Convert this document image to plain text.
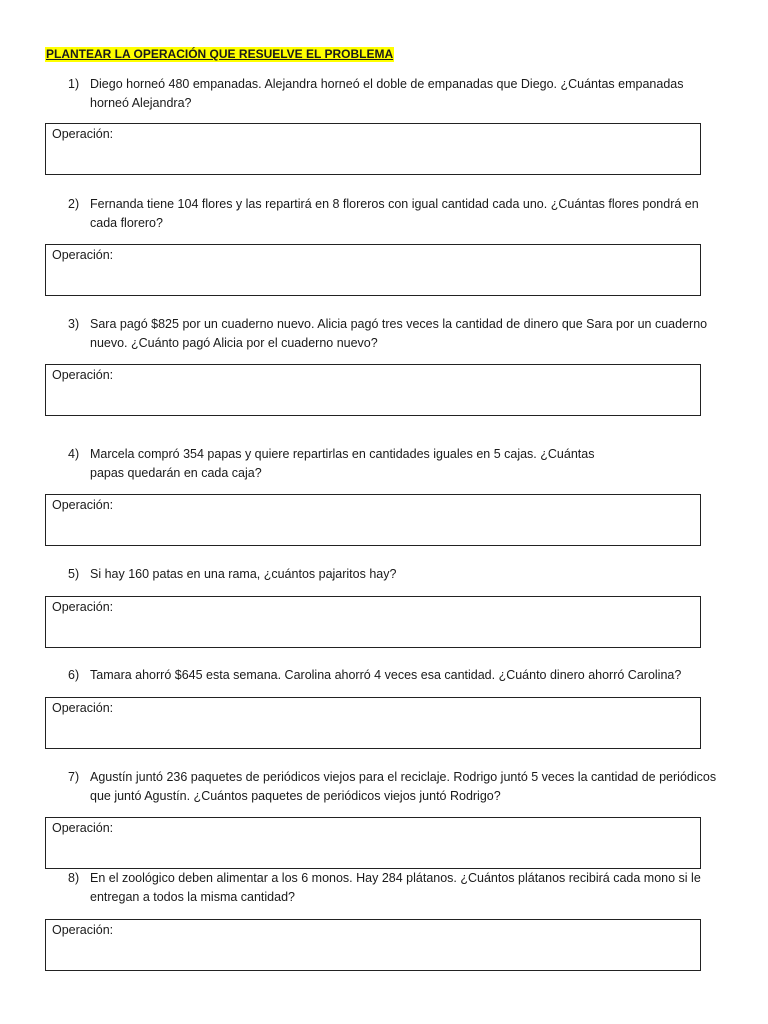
PLANTEAR LA OPERACIÓN QUE RESUELVE EL PROBLEMA
1) Diego horneó 480 empanadas. Alejandra horneó el doble de empanadas que Diego. ¿Cuántas empanadas horneó Alejandra?
Operación:
2) Fernanda tiene 104 flores y las repartirá en 8 floreros con igual cantidad cada uno. ¿Cuántas flores pondrá en cada florero?
Operación:
3) Sara pagó $825 por un cuaderno nuevo. Alicia pagó tres veces la cantidad de dinero que Sara por un cuaderno nuevo. ¿Cuánto pagó Alicia por el cuaderno nuevo?
Operación:
4) Marcela compró 354 papas y quiere repartirlas en cantidades iguales en 5 cajas. ¿Cuántas papas quedarán en cada caja?
Operación:
5) Si hay 160 patas en una rama, ¿cuántos pajaritos hay?
Operación:
6) Tamara ahorró $645 esta semana. Carolina ahorró 4 veces esa cantidad. ¿Cuánto dinero ahorró Carolina?
Operación:
7) Agustín juntó 236 paquetes de periódicos viejos para el reciclaje. Rodrigo juntó 5 veces la cantidad de periódicos que juntó Agustín. ¿Cuántos paquetes de periódicos viejos juntó Rodrigo?
Operación:
8) En el zoológico deben alimentar a los 6 monos. Hay 284 plátanos. ¿Cuántos plátanos recibirá cada mono si le entregan a todos la misma cantidad?
Operación:
